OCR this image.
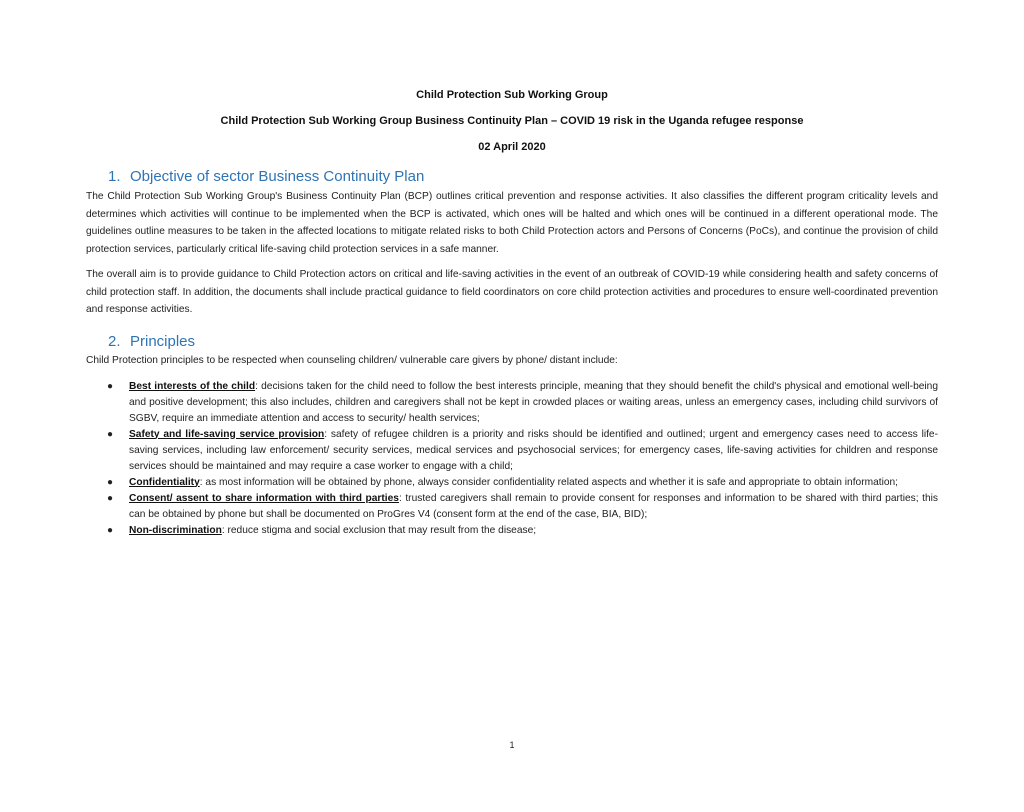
Child Protection Sub Working Group
Child Protection Sub Working Group Business Continuity Plan – COVID 19 risk in the Uganda refugee response
02 April 2020
1. Objective of sector Business Continuity Plan

The Child Protection Sub Working Group's Business Continuity Plan (BCP) outlines critical prevention and response activities. It also classifies the different program criticality levels and determines which activities will continue to be implemented when the BCP is activated, which ones will be halted and which ones will be continued in a different operational mode. The guidelines outline measures to be taken in the affected locations to mitigate related risks to both Child Protection actors and Persons of Concerns (PoCs), and continue the provision of child protection services, particularly critical life-saving child protection services in a safe manner.

The overall aim is to provide guidance to Child Protection actors on critical and life-saving activities in the event of an outbreak of COVID-19 while considering health and safety concerns of child protection staff. In addition, the documents shall include practical guidance to field coordinators on core child protection activities and procedures to ensure well-coordinated prevention and response activities.

2. Principles

Child Protection principles to be respected when counseling children/ vulnerable care givers by phone/ distant include:

● Best interests of the child: decisions taken for the child need to follow the best interests principle, meaning that they should benefit the child's physical and emotional well-being and positive development; this also includes, children and caregivers shall not be kept in crowded places or waiting areas, unless an emergency cases, including child survivors of SGBV, require an immediate attention and access to security/ health services;
● Safety and life-saving service provision: safety of refugee children is a priority and risks should be identified and outlined; urgent and emergency cases need to access life-saving services, including law enforcement/ security services, medical services and psychosocial services; for emergency cases, life-saving activities for children and response services should be maintained and may require a case worker to engage with a child;
● Confidentiality: as most information will be obtained by phone, always consider confidentiality related aspects and whether it is safe and appropriate to obtain information;
● Consent/ assent to share information with third parties: trusted caregivers shall remain to provide consent for responses and information to be shared with third parties; this can be obtained by phone but shall be documented on ProGres V4 (consent form at the end of the case, BIA, BID);
● Non-discrimination: reduce stigma and social exclusion that may result from the disease;
1
